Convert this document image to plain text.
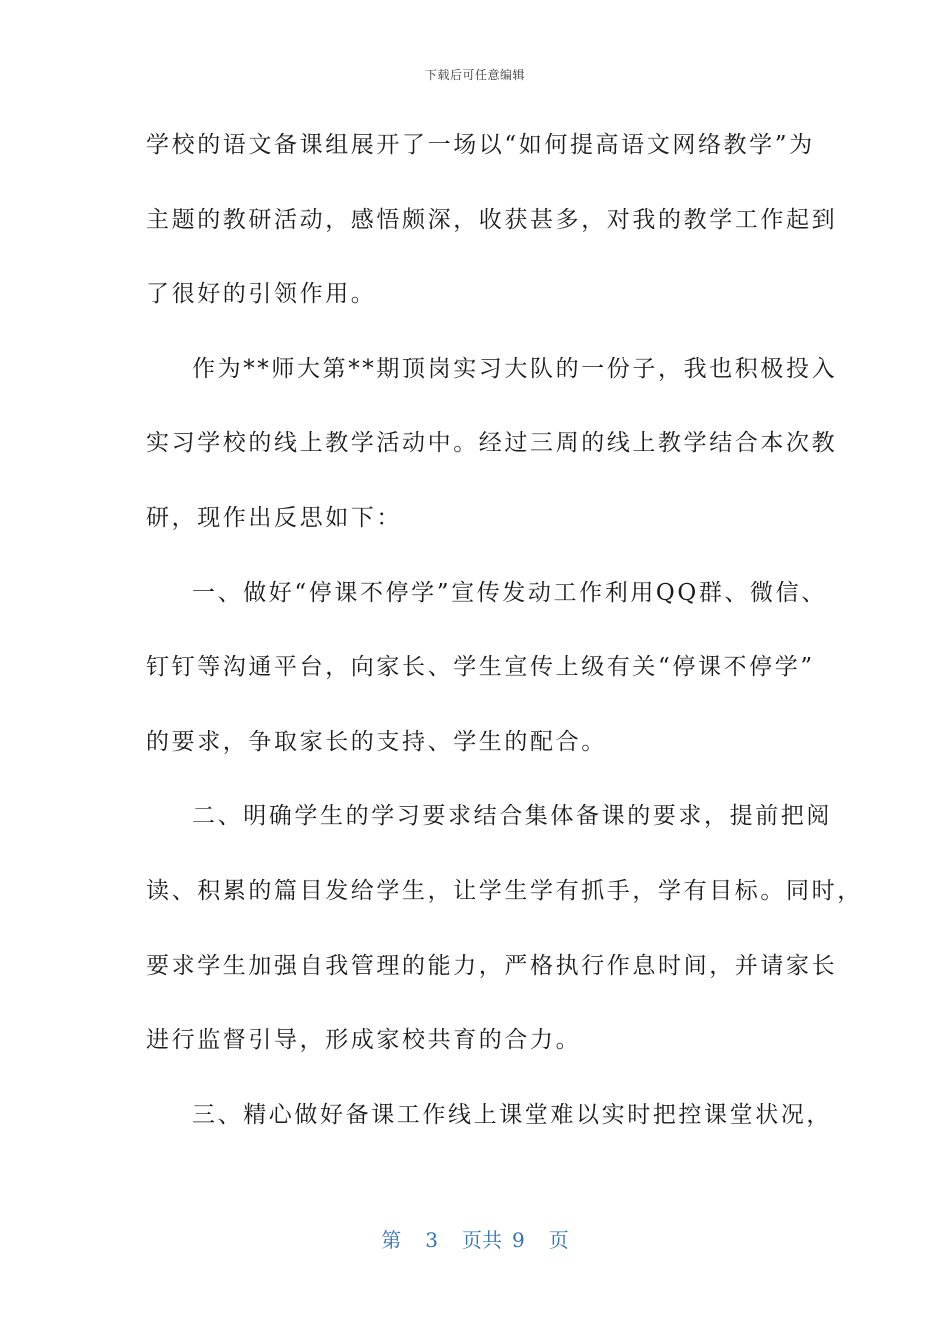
下载后可任意编辑
学校的语文备课组展开了一场以“如何提高语文网络教学”为
主题的教研活动，感悟颇深，收获甚多，对我的教学工作起到
了很好的引领作用。
作为**师大第**期顶岗实习大队的一份子，我也积极投入
实习学校的线上教学活动中。经过三周的线上教学结合本次教
研，现作出反思如下：
一、做好“停课不停学”宣传发动工作利用QQ群、微信、
钉钉等沟通平台，向家长、学生宣传上级有关“停课不停学”
的要求，争取家长的支持、学生的配合。
二、明确学生的学习要求结合集体备课的要求，提前把阅
读、积累的篇目发给学生，让学生学有抓手，学有目标。同时，
要求学生加强自我管理的能力，严格执行作息时间，并请家长
进行监督引导，形成家校共育的合力。
三、精心做好备课工作线上课堂难以实时把控课堂状况，
第 3 页共 9 页
